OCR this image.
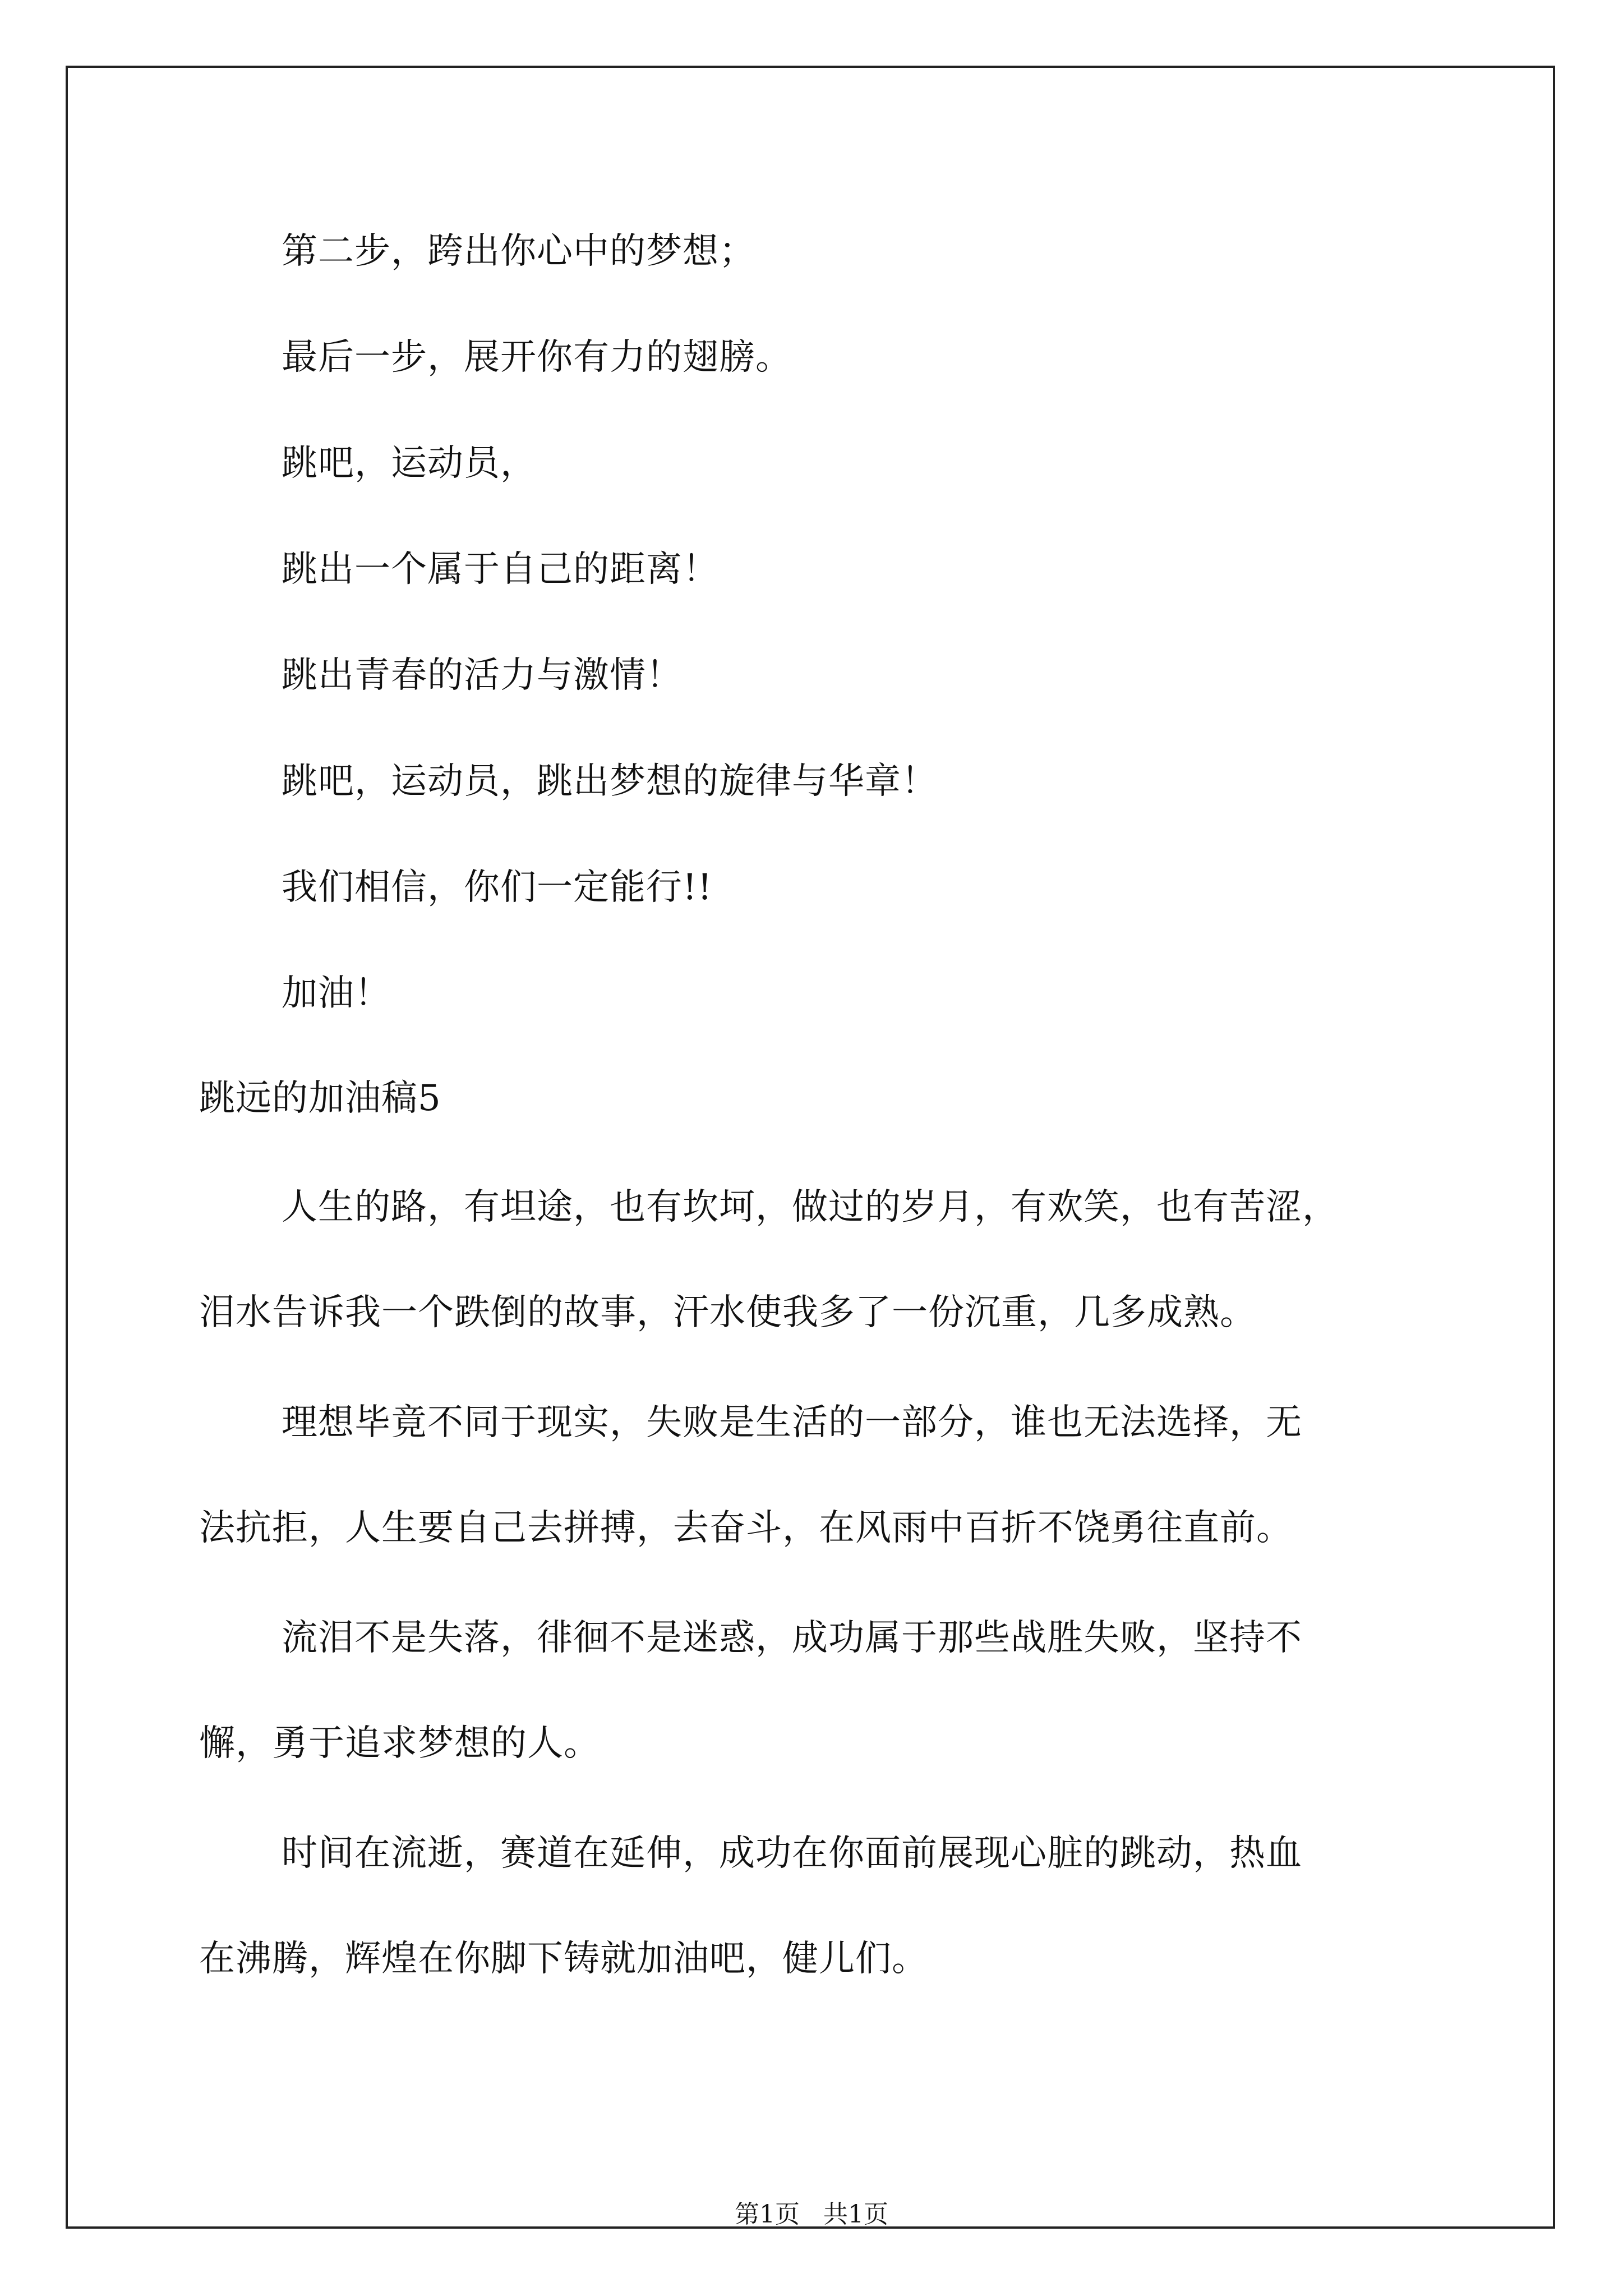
第二步，跨出你心中的梦想；
最后一步，展开你有力的翅膀。
跳吧，运动员，
跳出一个属于自己的距离！
跳出青春的活力与激情！
跳吧，运动员，跳出梦想的旋律与华章！
我们相信，你们一定能行!!
加油！
跳远的加油稿5
人生的路，有坦途，也有坎坷，做过的岁月，有欢笑，也有苦涩，
泪水告诉我一个跌倒的故事，汗水使我多了一份沉重，几多成熟。
理想毕竟不同于现实，失败是生活的一部分，谁也无法选择，无
法抗拒，人生要自己去拼搏，去奋斗，在风雨中百折不饶勇往直前。
流泪不是失落，徘徊不是迷惑，成功属于那些战胜失败，坚持不
懈，勇于追求梦想的人。
时间在流逝，赛道在延伸，成功在你面前展现心脏的跳动，热血
在沸腾，辉煌在你脚下铸就加油吧，健儿们。
第1页   共1页
